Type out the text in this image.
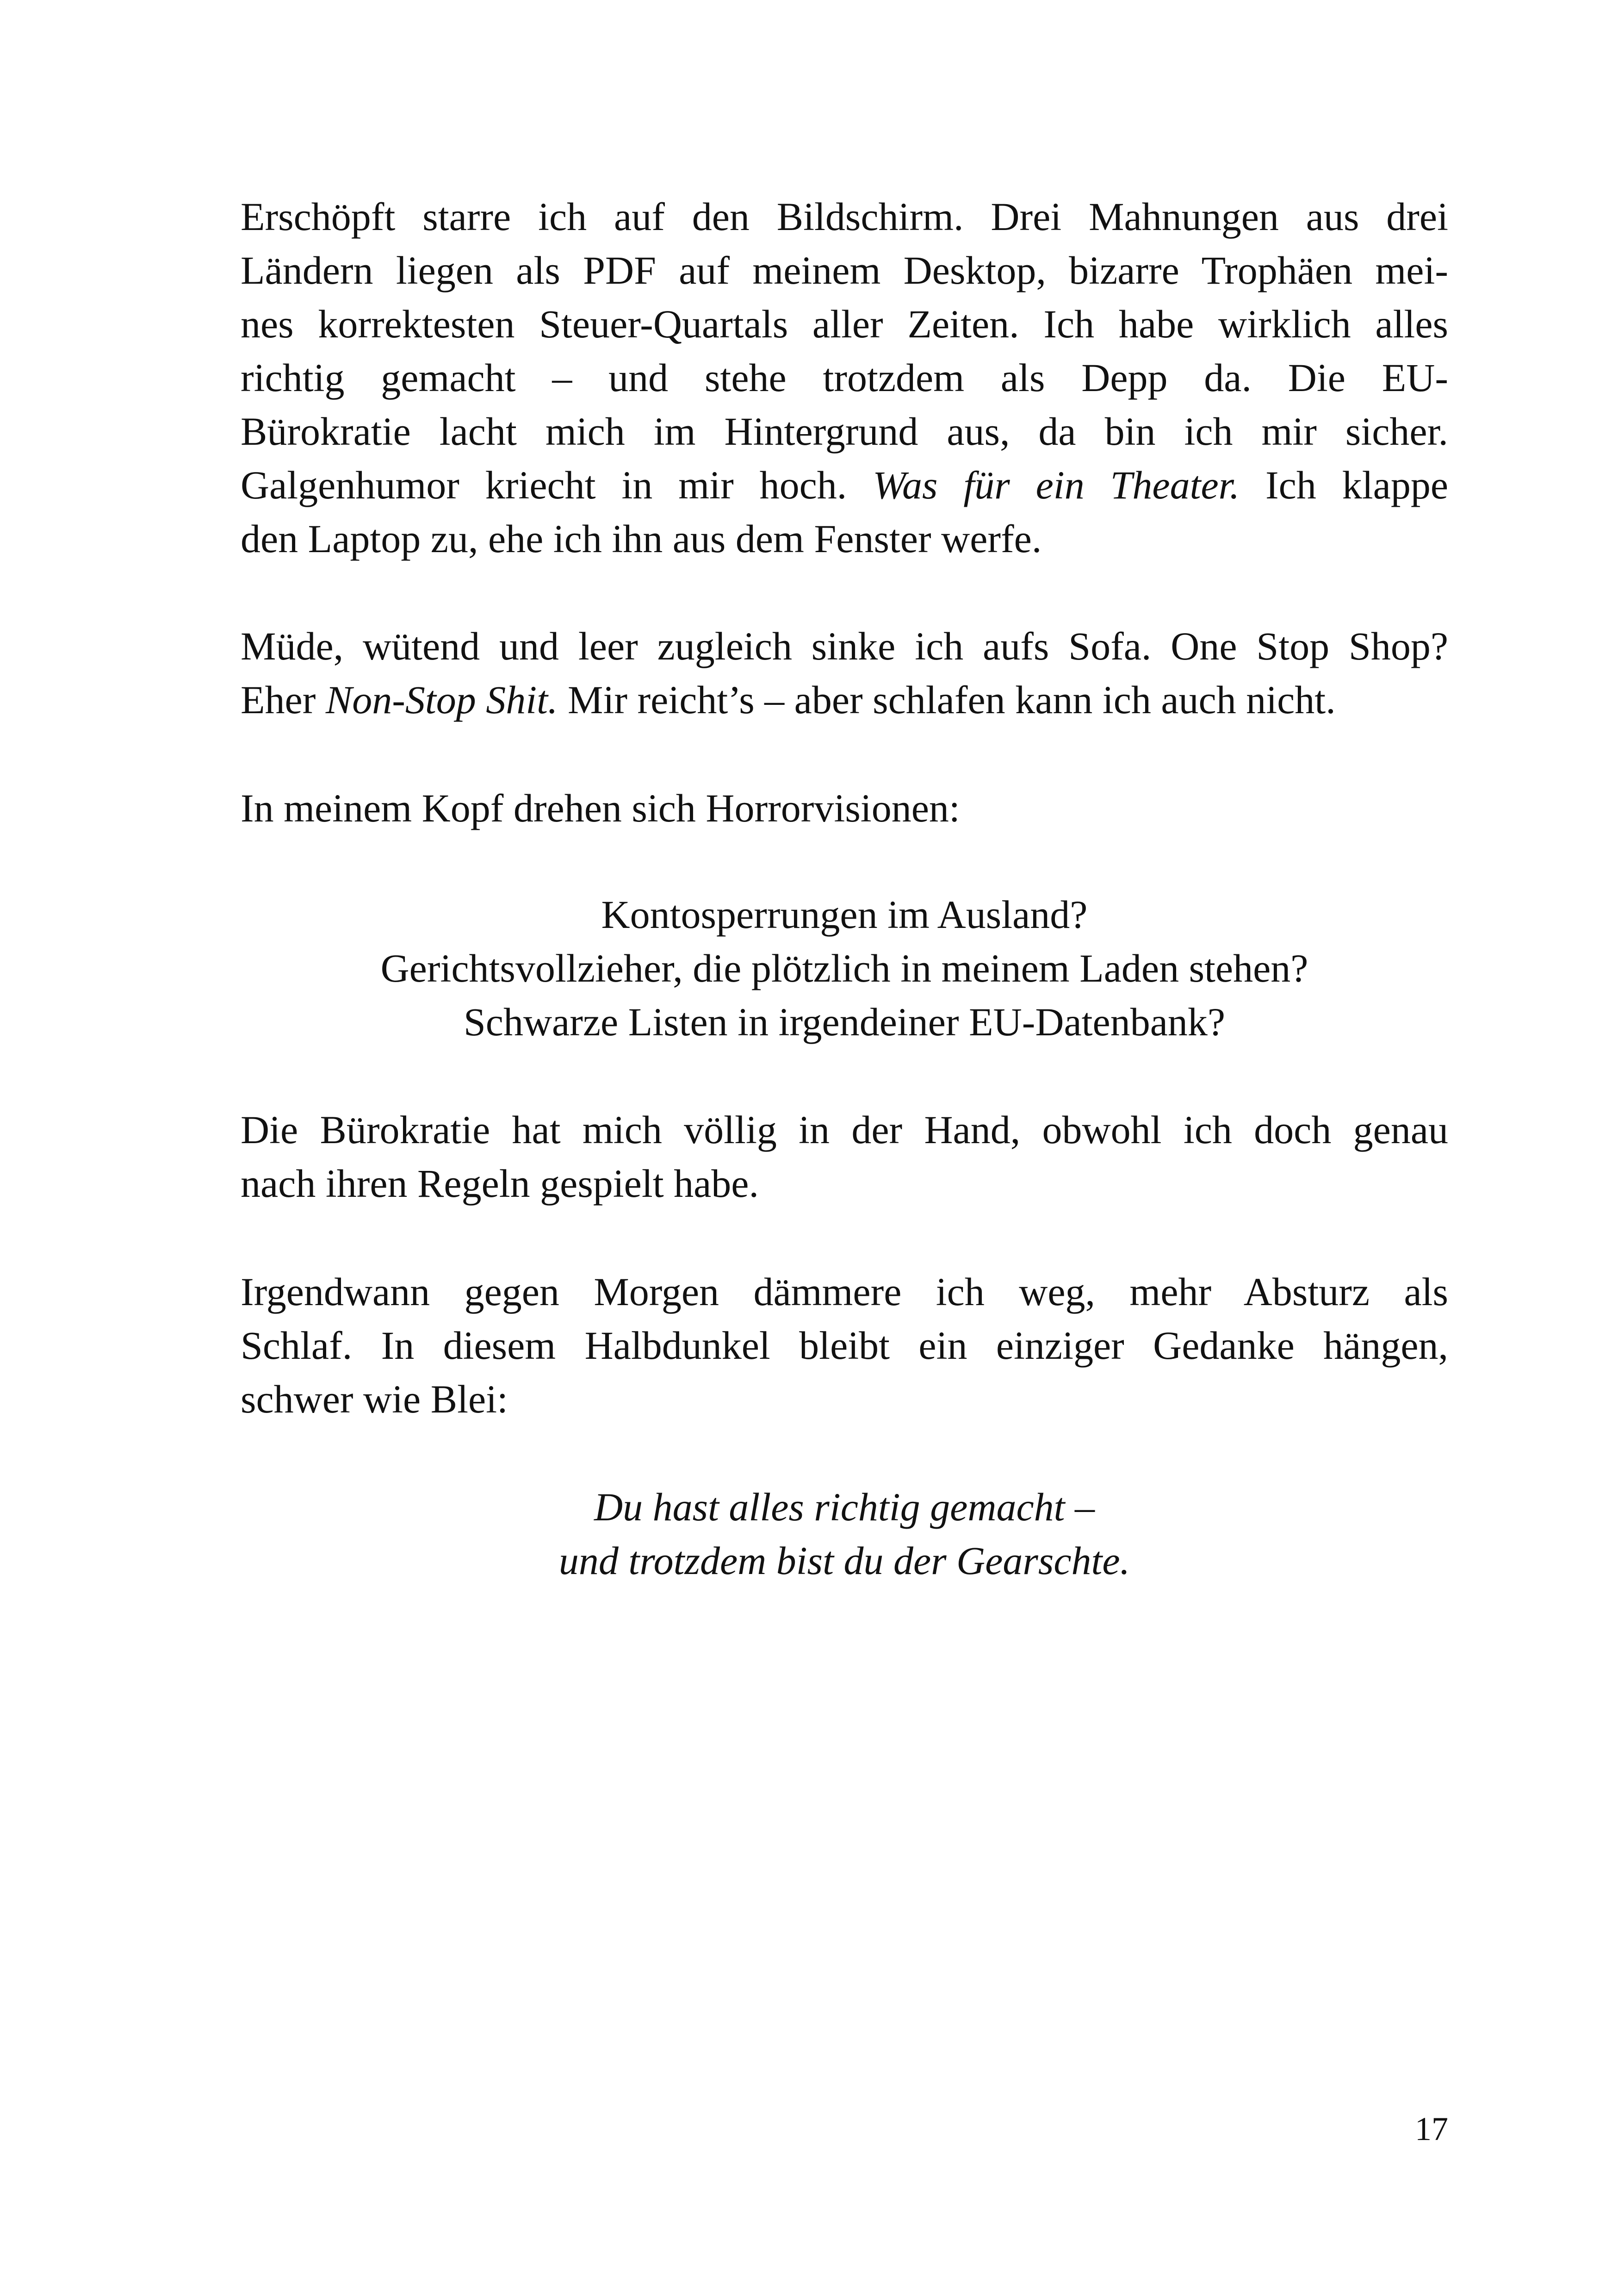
Erschöpft starre ich auf den Bildschirm. Drei Mahnungen aus drei
Ländern liegen als PDF auf meinem Desktop, bizarre Trophäen mei-
nes korrektesten Steuer-Quartals aller Zeiten. Ich habe wirklich alles
richtig gemacht – und stehe trotzdem als Depp da. Die EU-
Bürokratie lacht mich im Hintergrund aus, da bin ich mir sicher.
Galgenhumor kriecht in mir hoch. Was für ein Theater. Ich klappe
den Laptop zu, ehe ich ihn aus dem Fenster werfe.
Müde, wütend und leer zugleich sinke ich aufs Sofa. One Stop Shop?
Eher Non-Stop Shit. Mir reicht’s – aber schlafen kann ich auch nicht.
In meinem Kopf drehen sich Horrorvisionen:
Kontosperrungen im Ausland?
Gerichtsvollzieher, die plötzlich in meinem Laden stehen?
Schwarze Listen in irgendeiner EU-Datenbank?
Die Bürokratie hat mich völlig in der Hand, obwohl ich doch genau
nach ihren Regeln gespielt habe.
Irgendwann gegen Morgen dämmere ich weg, mehr Absturz als
Schlaf. In diesem Halbdunkel bleibt ein einziger Gedanke hängen,
schwer wie Blei:
Du hast alles richtig gemacht –
und trotzdem bist du der Gearschte.
17
